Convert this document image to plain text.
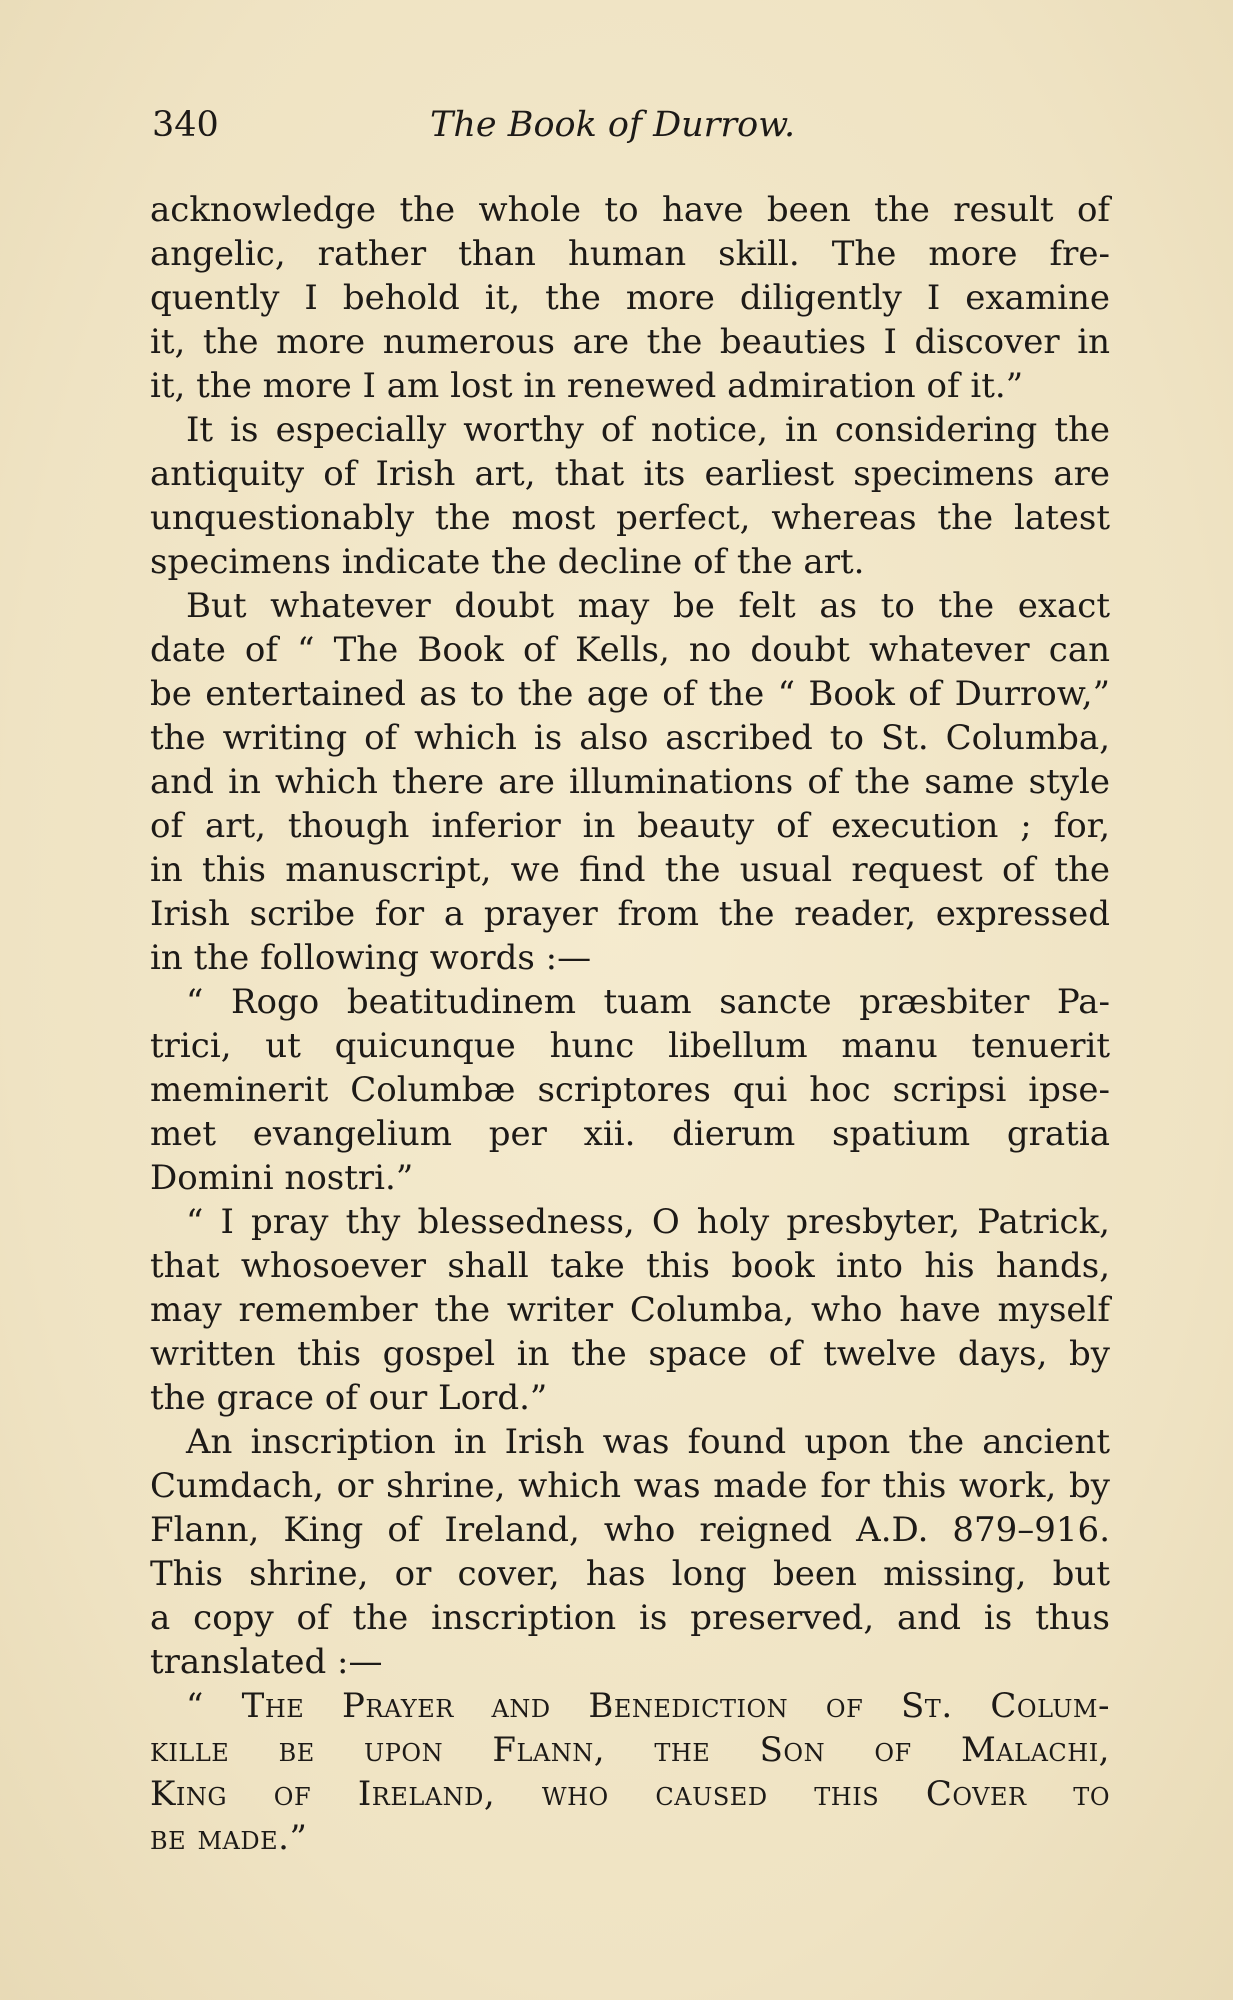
340	The Book of Durrow.
acknowledge the whole to have been the result of
angelic, rather than human skill. The more fre-
quently I behold it, the more diligently I examine
it, the more numerous are the beauties I discover in
it, the more I am lost in renewed admiration of it.”
It is especially worthy of notice, in considering the
antiquity of Irish art, that its earliest specimens are
unquestionably the most perfect, whereas the latest
specimens indicate the decline of the art.
But whatever doubt may be felt as to the exact
date of “ The Book of Kells, no doubt whatever can
be entertained as to the age of the “ Book of Durrow,”
the writing of which is also ascribed to St. Columba,
and in which there are illuminations of the same style
of art, though inferior in beauty of execution ; for,
in this manuscript, we find the usual request of the
Irish scribe for a prayer from the reader, expressed
in the following words :—
“ Rogo beatitudinem tuam sancte præsbiter Pa-
trici, ut quicunque hunc libellum manu tenuerit
meminerit Columbæ scriptores qui hoc scripsi ipse-
met evangelium per xii. dierum spatium gratia
Domini nostri.”
“ I pray thy blessedness, O holy presbyter, Patrick,
that whosoever shall take this book into his hands,
may remember the writer Columba, who have myself
written this gospel in the space of twelve days, by
the grace of our Lord.”
An inscription in Irish was found upon the ancient
Cumdach, or shrine, which was made for this work, by
Flann, King of Ireland, who reigned A.D. 879–916.
This shrine, or cover, has long been missing, but
a copy of the inscription is preserved, and is thus
translated :—
“ The Prayer and Benediction of St. Colum-
kille be upon Flann, the Son of Malachi,
King of Ireland, who caused this Cover to
be made.”
